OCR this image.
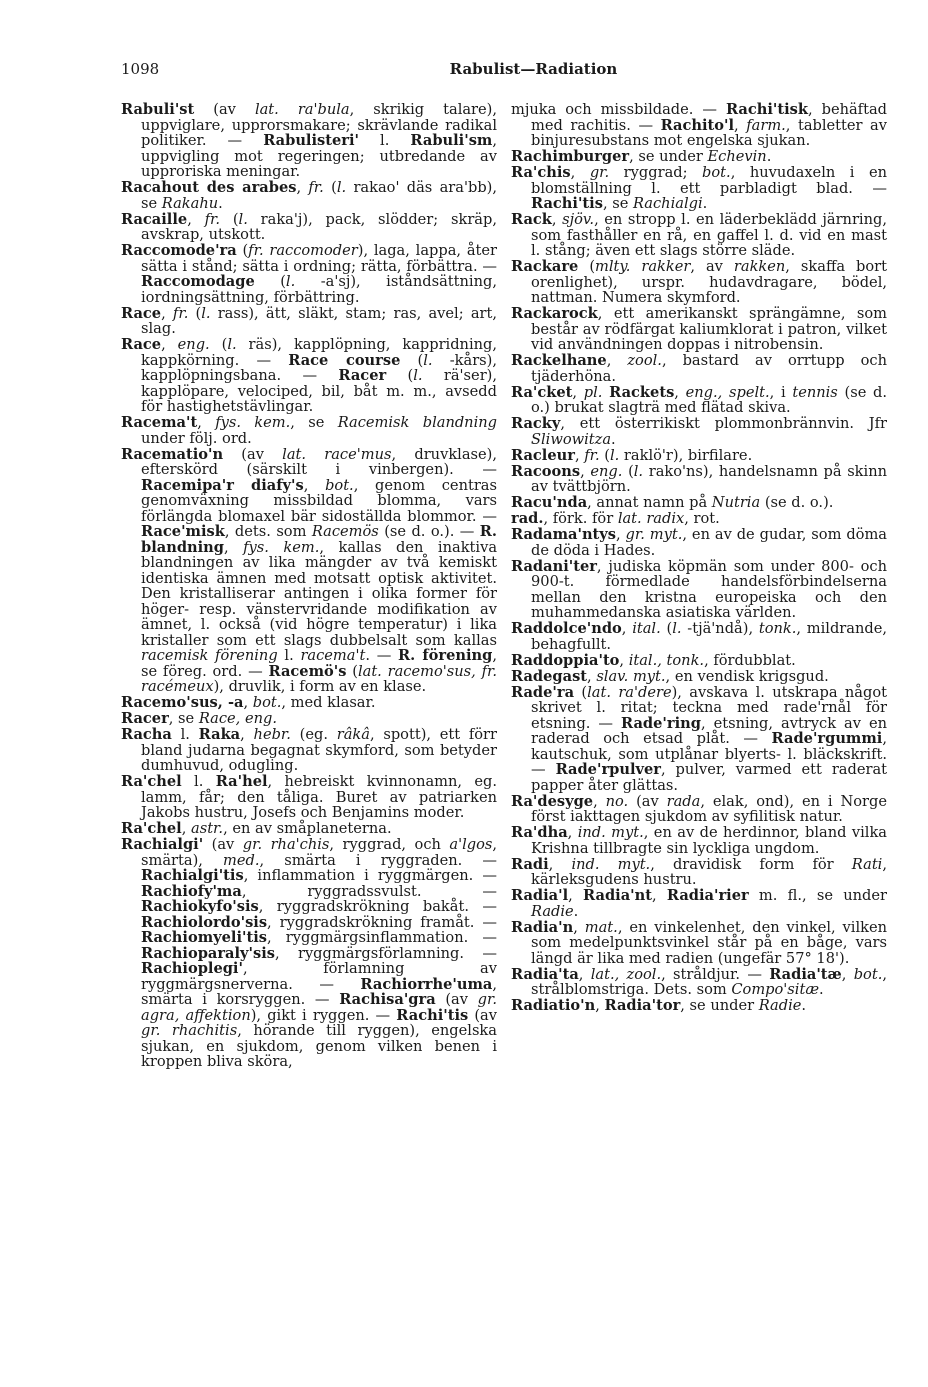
1098	Rabulist—Radiation

Rabuli'st (av lat. ra'bula, skrikig talare), uppviglare, upprorsmakare; skrävlande radikal politiker. — Rabulisteri' l. Rabuli'sm, uppvigling mot regeringen; utbredande av upproriska meningar.

Racahout des arabes, fr. (l. rakao' däs ara'bb), se Rakahu.

Racaille, fr. (l. raka'j), pack, slödder; skräp, avskrap, utskott.

Raccomode'ra (fr. raccomoder), laga, lappa, åter sätta i stånd; sätta i ordning; rätta, förbättra. — Raccomodage (l. -a'sj), iståndsättning, iordningsättning, förbättring.

Race, fr. (l. rass), ätt, släkt, stam; ras, avel; art, slag.

Race, eng. (l. räs), kapplöpning, kappridning, kappkörning. — Race course (l. -kårs), kapplöpningsbana. — Racer (l. rä'ser), kapplöpare, velociped, bil, båt m. m., avsedd för hastighetstävlingar.

Racema't, fys. kem., se Racemisk blandning under följ. ord.

Racematio'n (av lat. race'mus, druvklase), efterskörd (särskilt i vinbergen). — Racemipa'r diafy's, bot., genom centras genomväxning missbildad blomma, vars förlängda blomaxel bär sidoställda blommor. — Race'misk, dets. som Racemös (se d. o.). — R. blandning, fys. kem., kallas den inaktiva blandningen av lika mängder av två kemiskt identiska ämnen med motsatt optisk aktivitet. Den kristalliserar antingen i olika former för höger- resp. vänstervridande modifikation av ämnet, l. också (vid högre temperatur) i lika kristaller som ett slags dubbelsalt som kallas racemisk förening l. racema't. — R. förening, se föreg. ord. — Racemö's (lat. racemo'sus, fr. racémeux), druvlik, i form av en klase.

Racemo'sus, -a, bot., med klasar.

Racer, se Race, eng.

Racha l. Raka, hebr. (eg. râkâ, spott), ett förr bland judarna begagnat skymford, som betyder dumhuvud, odugling.

Ra'chel l. Ra'hel, hebreiskt kvinnonamn, eg. lamm, får; den tåliga. Buret av patriarken Jakobs hustru, Josefs och Benjamins moder.

Ra'chel, astr., en av småplaneterna.

Rachialgi' (av gr. rha'chis, ryggrad, och a'lgos, smärta), med., smärta i ryggraden. — Rachialgi'tis, inflammation i ryggmärgen. — Rachiofy'ma, ryggradssvulst. — Rachiokyfo'sis, ryggradskrökning bakåt. — Rachiolordo'sis, ryggradskrökning framåt. — Rachiomyeli'tis, ryggmärgsinflammation. — Rachioparaly'sis, ryggmärgsförlamning. — Rachioplegi', förlamning av ryggmärgsnerverna. — Rachiorrhe'uma, smärta i korsryggen. — Rachisa'gra (av gr. agra, affektion), gikt i ryggen. — Rachi'tis (av gr. rhachitis, hörande till ryggen), engelska sjukan, en sjukdom, genom vilken benen i kroppen bliva sköra,

mjuka och missbildade. — Rachi'tisk, behäftad med rachitis. — Rachito'l, farm., tabletter av binjuresubstans mot engelska sjukan.

Rachimburger, se under Echevin.

Ra'chis, gr. ryggrad; bot., huvudaxeln i en blomställning l. ett parbladigt blad. — Rachi'tis, se Rachialgi.

Rack, sjöv., en stropp l. en läderbeklädd järnring, som fasthåller en rå, en gaffel l. d. vid en mast l. stång; även ett slags större släde.

Rackare (mlty. rakker, av rakken, skaffa bort orenlighet), urspr. hudavdragare, bödel, nattman. Numera skymford.

Rackarock, ett amerikanskt sprängämne, som består av rödfärgat kaliumklorat i patron, vilket vid användningen doppas i nitrobensin.

Rackelhane, zool., bastard av orrtupp och tjäderhöna.

Ra'cket, pl. Rackets, eng., spelt., i tennis (se d. o.) brukat slagträ med flätad skiva.

Racky, ett österrikiskt plommonbrännvin. Jfr Sliwowitza.

Racleur, fr. (l. raklö'r), birfilare.

Racoons, eng. (l. rako'ns), handelsnamn på skinn av tvättbjörn.

Racu'nda, annat namn på Nutria (se d. o.).

rad., förk. för lat. radix, rot.

Radama'ntys, gr. myt., en av de gudar, som döma de döda i Hades.

Radani'ter, judiska köpmän som under 800- och 900-t. förmedlade handelsförbindelserna mellan den kristna europeiska och den muhammedanska asiatiska världen.

Raddolce'ndo, ital. (l. -tjä'ndå), tonk., mildrande, behagfullt.

Raddoppia'to, ital., tonk., fördubblat.

Radegast, slav. myt., en vendisk krigsgud.

Rade'ra (lat. ra'dere), avskava l. utskrapa något skrivet l. ritat; teckna med rade'rnål för etsning. — Rade'ring, etsning, avtryck av en raderad och etsad plåt. — Rade'rgummi, kautschuk, som utplånar blyerts- l. bläckskrift. — Rade'rpulver, pulver, varmed ett raderat papper åter glättas.

Ra'desyge, no. (av rada, elak, ond), en i Norge först iakttagen sjukdom av syfilitisk natur.

Ra'dha, ind. myt., en av de herdinnor, bland vilka Krishna tillbragte sin lyckliga ungdom.

Radi, ind. myt., dravidisk form för Rati, kärleksgudens hustru.

Radia'l, Radia'nt, Radia'rier m. fl., se under Radie.

Radia'n, mat., en vinkelenhet, den vinkel, vilken som medelpunktsvinkel står på en båge, vars längd är lika med radien (ungefär 57° 18').

Radia'ta, lat., zool., stråldjur. — Radia'tæ, bot., strålblomstriga. Dets. som Compo'sitæ.

Radiatio'n, Radia'tor, se under Radie.
